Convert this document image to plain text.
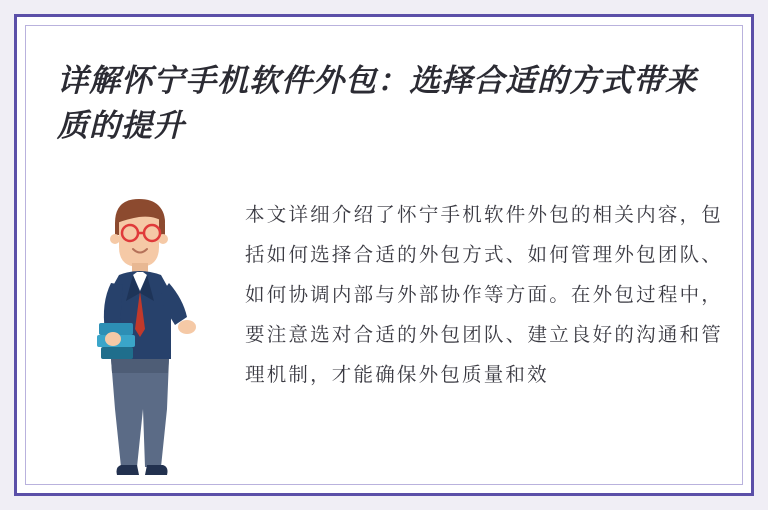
详解怀宁手机软件外包：选择合适的方式带来质的提升
本文详细介绍了怀宁手机软件外包的相关内容，包括如何选择合适的外包方式、如何管理外包团队、如何协调内部与外部协作等方面。在外包过程中，要注意选对合适的外包团队、建立良好的沟通和管理机制，才能确保外包质量和效
